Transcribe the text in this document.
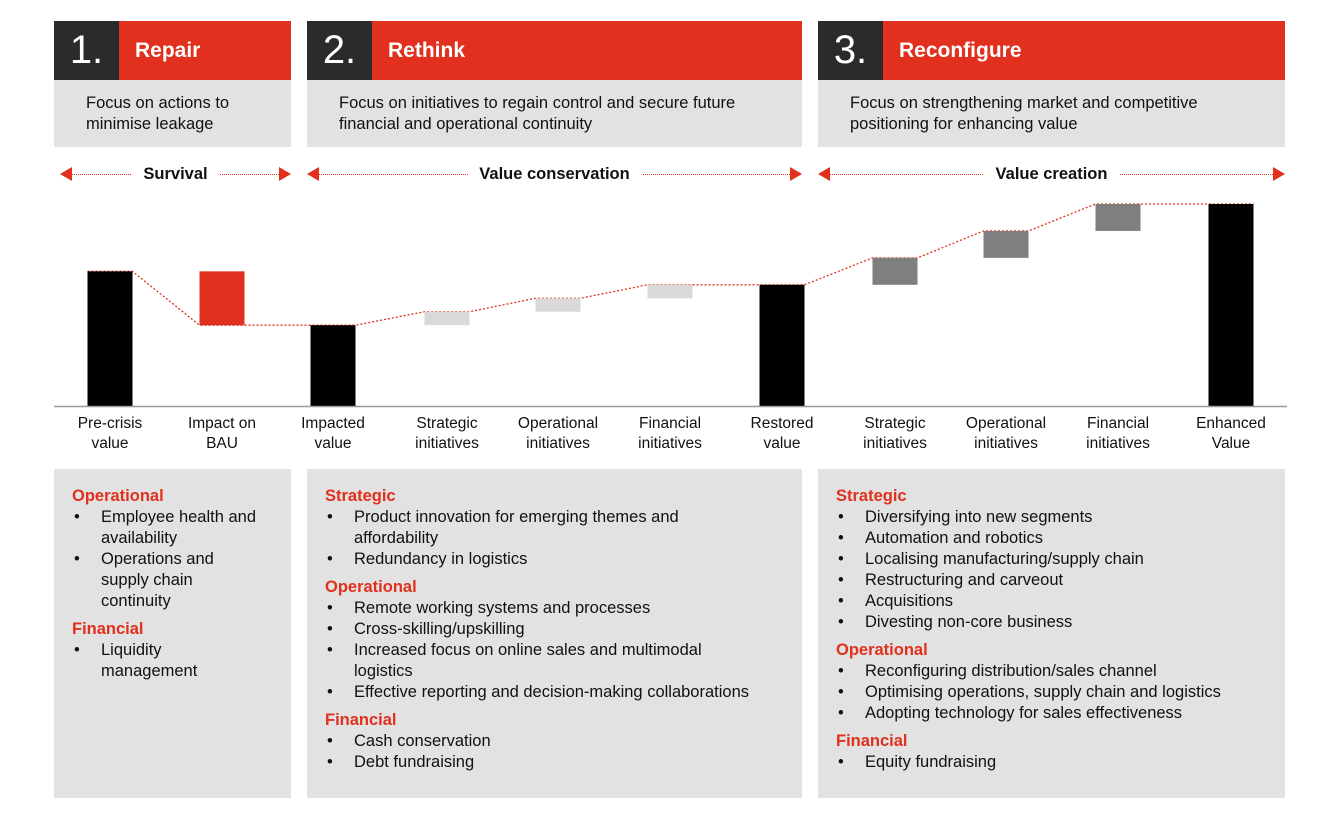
1.	Repair
Focus on actions to minimise leakage
2.	Rethink
Focus on initiatives to regain control and secure future financial and operational continuity
3.	Reconfigure
Focus on strengthening market and competitive positioning for enhancing value
Survival	Value conservation	Value creation
Pre-crisis
value
Impact on
BAU
Impacted
value
Strategic
initiatives
Operational
initiatives
Financial
initiatives
Restored
value
Strategic
initiatives
Operational
initiatives
Financial
initiatives
Enhanced
Value
Operational
• Employee health and
availability
• Operations and
supply chain
continuity
Financial
• Liquidity
management
Strategic
• Product innovation for emerging themes and
affordability
• Redundancy in logistics
Operational
• Remote working systems and processes
• Cross-skilling/upskilling
• Increased focus on online sales and multimodal
logistics
• Effective reporting and decision-making collaborations
Financial
• Cash conservation
• Debt fundraising
Strategic
• Diversifying into new segments
• Automation and robotics
• Localising manufacturing/supply chain
• Restructuring and carveout
• Acquisitions
• Divesting non-core business
Operational
• Reconfiguring distribution/sales channel
• Optimising operations, supply chain and logistics
• Adopting technology for sales effectiveness
Financial
• Equity fundraising
